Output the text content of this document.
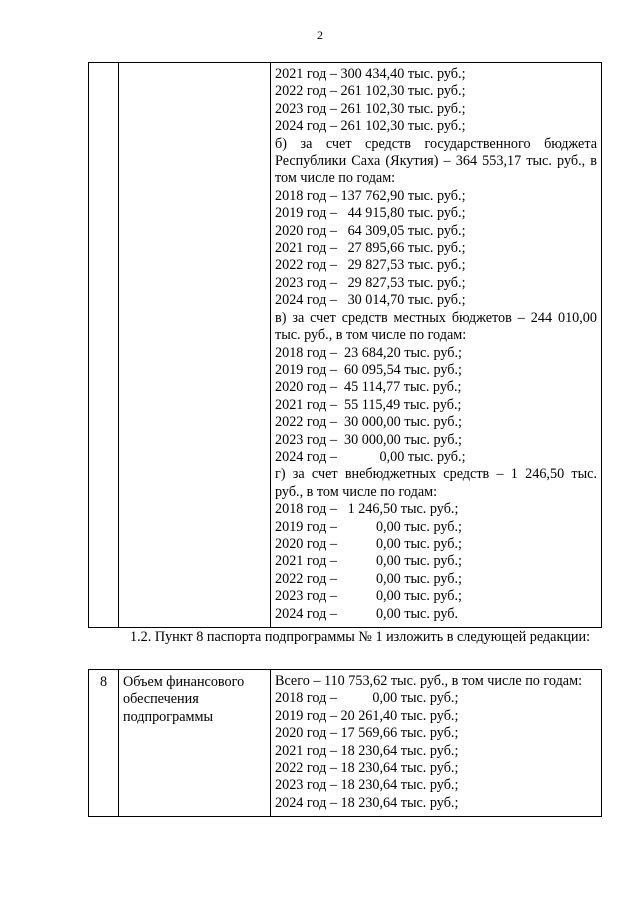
2

2021 год – 300 434,40 тыс. руб.;
2022 год – 261 102,30 тыс. руб.;
2023 год – 261 102,30 тыс. руб.;
2024 год – 261 102,30 тыс. руб.;
б) за счет средств государственного бюджета Республики Саха (Якутия) – 364 553,17 тыс. руб., в том числе по годам:
2018 год – 137 762,90 тыс. руб.;
2019 год –   44 915,80 тыс. руб.;
2020 год –   64 309,05 тыс. руб.;
2021 год –   27 895,66 тыс. руб.;
2022 год –   29 827,53 тыс. руб.;
2023 год –   29 827,53 тыс. руб.;
2024 год –   30 014,70 тыс. руб.;
в) за счет средств местных бюджетов – 244 010,00 тыс. руб., в том числе по годам:
2018 год –  23 684,20 тыс. руб.;
2019 год –  60 095,54 тыс. руб.;
2020 год –  45 114,77 тыс. руб.;
2021 год –  55 115,49 тыс. руб.;
2022 год –  30 000,00 тыс. руб.;
2023 год –  30 000,00 тыс. руб.;
2024 год –            0,00 тыс. руб.;
г) за счет внебюджетных средств – 1 246,50 тыс. руб., в том числе по годам:
2018 год –   1 246,50 тыс. руб.;
2019 год –           0,00 тыс. руб.;
2020 год –           0,00 тыс. руб.;
2021 год –           0,00 тыс. руб.;
2022 год –           0,00 тыс. руб.;
2023 год –           0,00 тыс. руб.;
2024 год –           0,00 тыс. руб.
1.2. Пункт 8 паспорта подпрограммы № 1 изложить в следующей редакции:
8	Объем финансового обеспечения подпрограммы

Всего – 110 753,62 тыс. руб., в том числе по годам:
2018 год –          0,00 тыс. руб.;
2019 год – 20 261,40 тыс. руб.;
2020 год – 17 569,66 тыс. руб.;
2021 год – 18 230,64 тыс. руб.;
2022 год – 18 230,64 тыс. руб.;
2023 год – 18 230,64 тыс. руб.;
2024 год – 18 230,64 тыс. руб.;
